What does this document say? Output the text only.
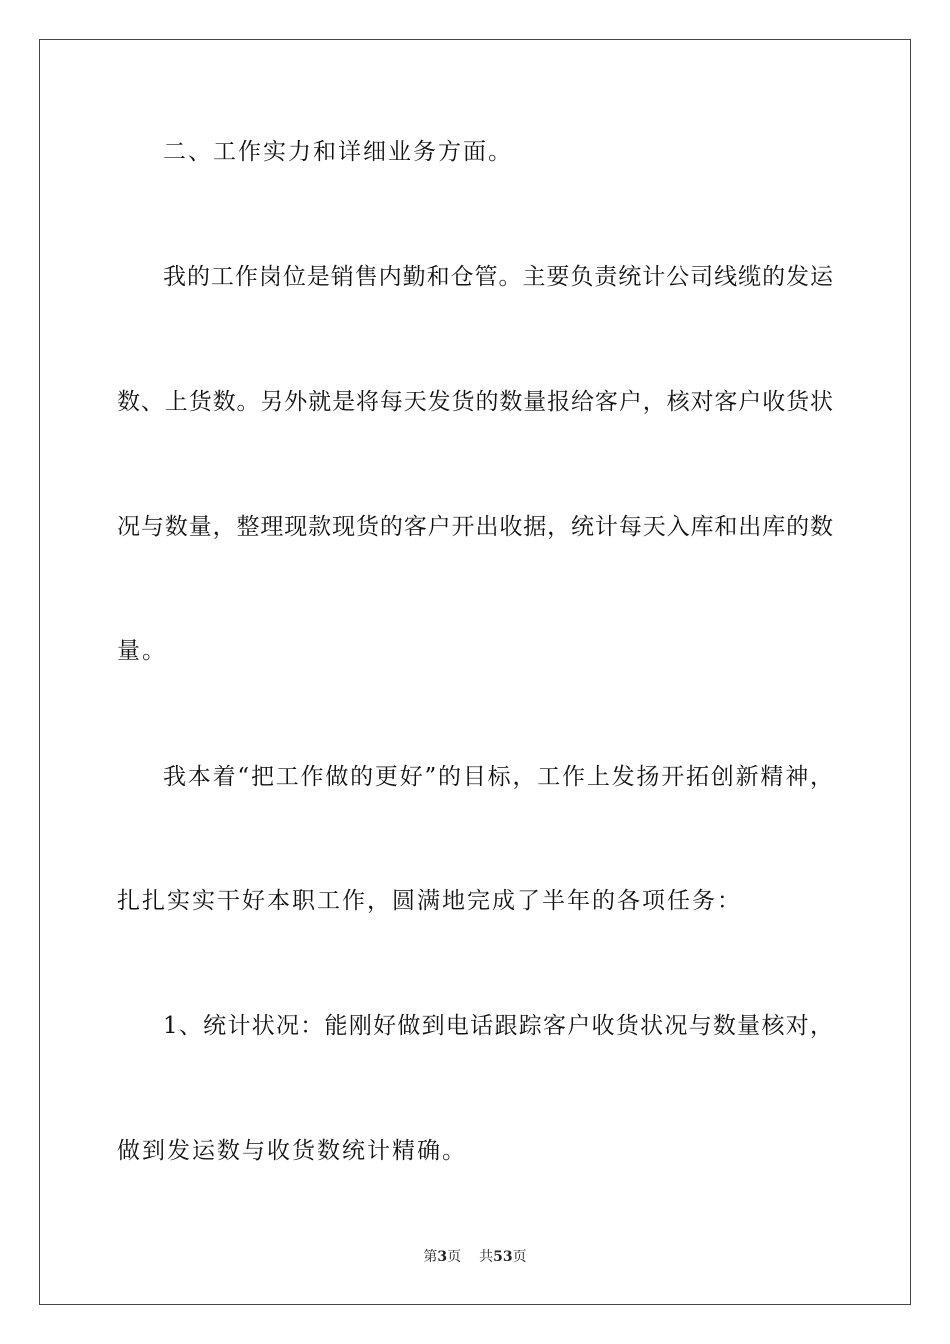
二、工作实力和详细业务方面。
我的工作岗位是销售内勤和仓管。主要负责统计公司线缆的发运
数、上货数。另外就是将每天发货的数量报给客户，核对客户收货状
况与数量，整理现款现货的客户开出收据，统计每天入库和出库的数
量。
我本着“把工作做的更好”的目标，工作上发扬开拓创新精神，
扎扎实实干好本职工作，圆满地完成了半年的各项任务：
1、统计状况：能刚好做到电话跟踪客户收货状况与数量核对，
做到发运数与收货数统计精确。
第3页 共53页
